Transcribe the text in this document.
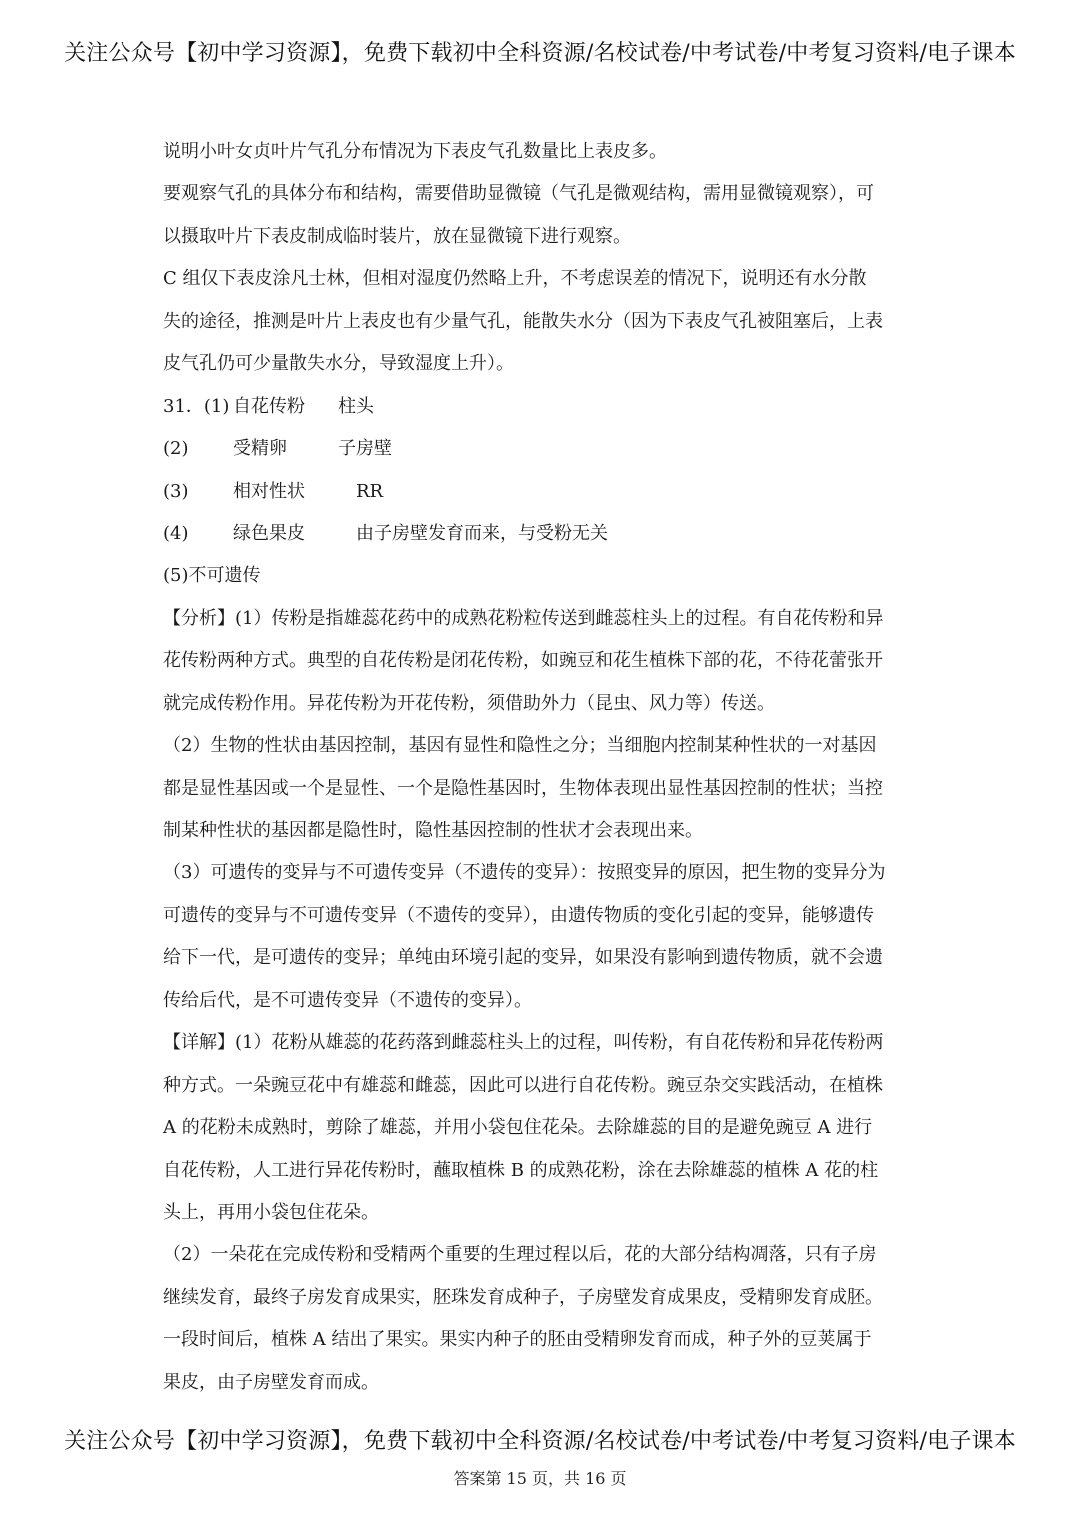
关注公众号【初中学习资源】，免费下载初中全科资源/名校试卷/中考试卷/中考复习资料/电子课本
说明小叶女贞叶片气孔分布情况为下表皮气孔数量比上表皮多。
要观察气孔的具体分布和结构，需要借助显微镜（气孔是微观结构，需用显微镜观察），可
以摄取叶片下表皮制成临时装片，放在显微镜下进行观察。
C 组仅下表皮涂凡士林，但相对湿度仍然略上升，不考虑误差的情况下，说明还有水分散
失的途径，推测是叶片上表皮也有少量气孔，能散失水分（因为下表皮气孔被阻塞后，上表
皮气孔仍可少量散失水分，导致湿度上升）。
31．(1) 自花传粉 柱头
(2) 受精卵	子房壁
(3) 相对性状	RR
(4) 绿色果皮	由子房壁发育而来，与受粉无关
(5)不可遗传
【分析】(1）传粉是指雄蕊花药中的成熟花粉粒传送到雌蕊柱头上的过程。有自花传粉和异
花传粉两种方式。典型的自花传粉是闭花传粉，如豌豆和花生植株下部的花，不待花蕾张开
就完成传粉作用。异花传粉为开花传粉，须借助外力（昆虫、风力等）传送。
（2）生物的性状由基因控制，基因有显性和隐性之分；当细胞内控制某种性状的一对基因
都是显性基因或一个是显性、一个是隐性基因时，生物体表现出显性基因控制的性状；当控
制某种性状的基因都是隐性时，隐性基因控制的性状才会表现出来。
（3）可遗传的变异与不可遗传变异（不遗传的变异）：按照变异的原因，把生物的变异分为
可遗传的变异与不可遗传变异（不遗传的变异），由遗传物质的变化引起的变异，能够遗传
给下一代，是可遗传的变异；单纯由环境引起的变异，如果没有影响到遗传物质，就不会遗
传给后代，是不可遗传变异（不遗传的变异）。
【详解】(1）花粉从雄蕊的花药落到雌蕊柱头上的过程，叫传粉，有自花传粉和异花传粉两
种方式。一朵豌豆花中有雄蕊和雌蕊，因此可以进行自花传粉。豌豆杂交实践活动，在植株
A 的花粉未成熟时，剪除了雄蕊，并用小袋包住花朵。去除雄蕊的目的是避免豌豆 A 进行
自花传粉，人工进行异花传粉时，蘸取植株 B 的成熟花粉，涂在去除雄蕊的植株 A 花的柱
头上，再用小袋包住花朵。
（2）一朵花在完成传粉和受精两个重要的生理过程以后，花的大部分结构凋落，只有子房
继续发育，最终子房发育成果实，胚珠发育成种子，子房壁发育成果皮，受精卵发育成胚。
一段时间后，植株 A 结出了果实。果实内种子的胚由受精卵发育而成，种子外的豆荚属于
果皮，由子房壁发育而成。
关注公众号【初中学习资源】，免费下载初中全科资源/名校试卷/中考试卷/中考复习资料/电子课本
答案第 15 页，共 16 页
